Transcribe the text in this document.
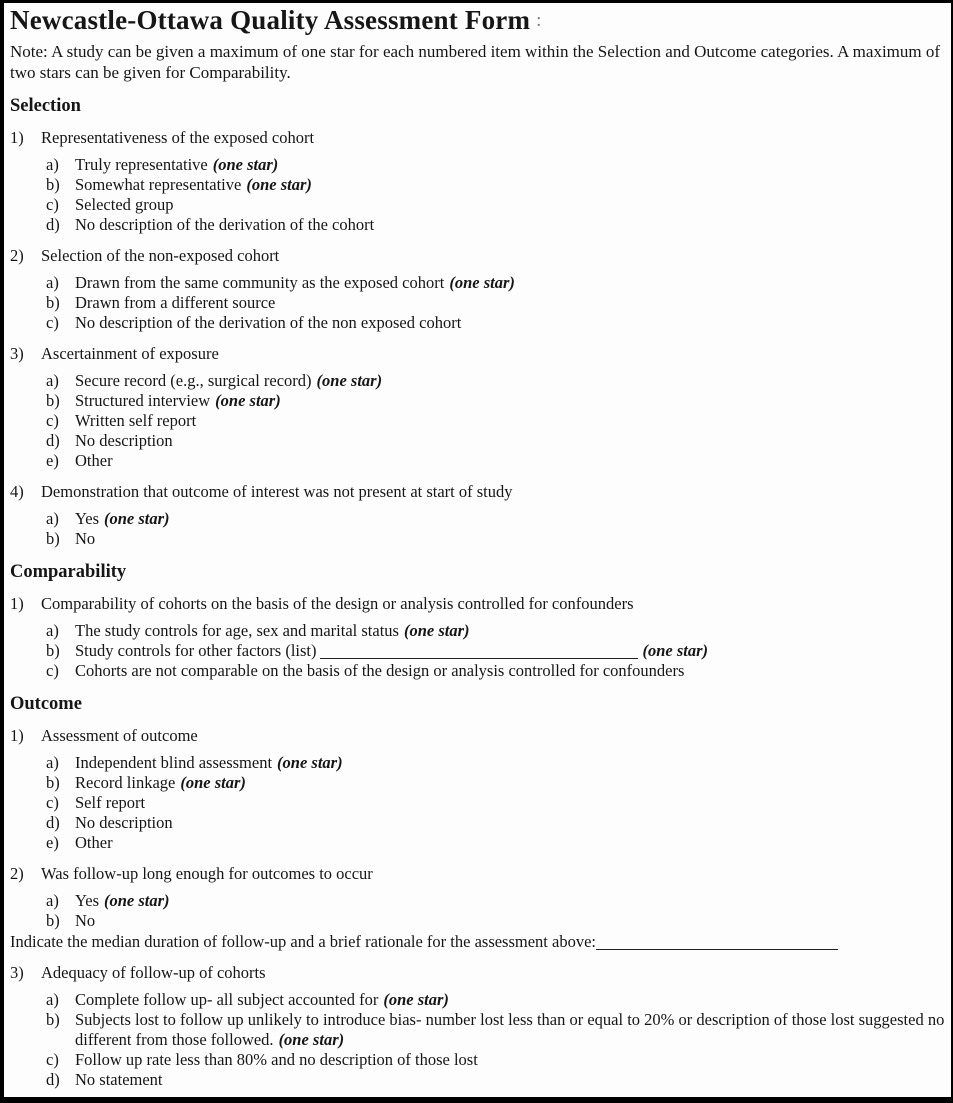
Newcastle-Ottawa Quality Assessment Form :
Note: A study can be given a maximum of one star for each numbered item within the Selection and Outcome categories. A maximum of two stars can be given for Comparability.
Selection
1)	Representativeness of the exposed cohort
a) Truly representative (one star)
b) Somewhat representative (one star)
c) Selected group
d) No description of the derivation of the cohort
2)	Selection of the non-exposed cohort
a) Drawn from the same community as the exposed cohort (one star)
b) Drawn from a different source
c) No description of the derivation of the non exposed cohort
3)	Ascertainment of exposure
a) Secure record (e.g., surgical record) (one star)
b) Structured interview (one star)
c) Written self report
d) No description
e) Other
4)	Demonstration that outcome of interest was not present at start of study
a) Yes (one star)
b) No
Comparability
1)	Comparability of cohorts on the basis of the design or analysis controlled for confounders
a) The study controls for age, sex and marital status (one star)
b) Study controls for other factors (list)	(one star)
c) Cohorts are not comparable on the basis of the design or analysis controlled for confounders
Outcome
1)	Assessment of outcome
a) Independent blind assessment (one star)
b) Record linkage (one star)
c) Self report
d) No description
e) Other
2)	Was follow-up long enough for outcomes to occur
a) Yes (one star)
b) No
Indicate the median duration of follow-up and a brief rationale for the assessment above:
3)	Adequacy of follow-up of cohorts
a) Complete follow up- all subject accounted for (one star)
b) Subjects lost to follow up unlikely to introduce bias- number lost less than or equal to 20% or description of those lost suggested no different from those followed. (one star)
c) Follow up rate less than 80% and no description of those lost
d) No statement
